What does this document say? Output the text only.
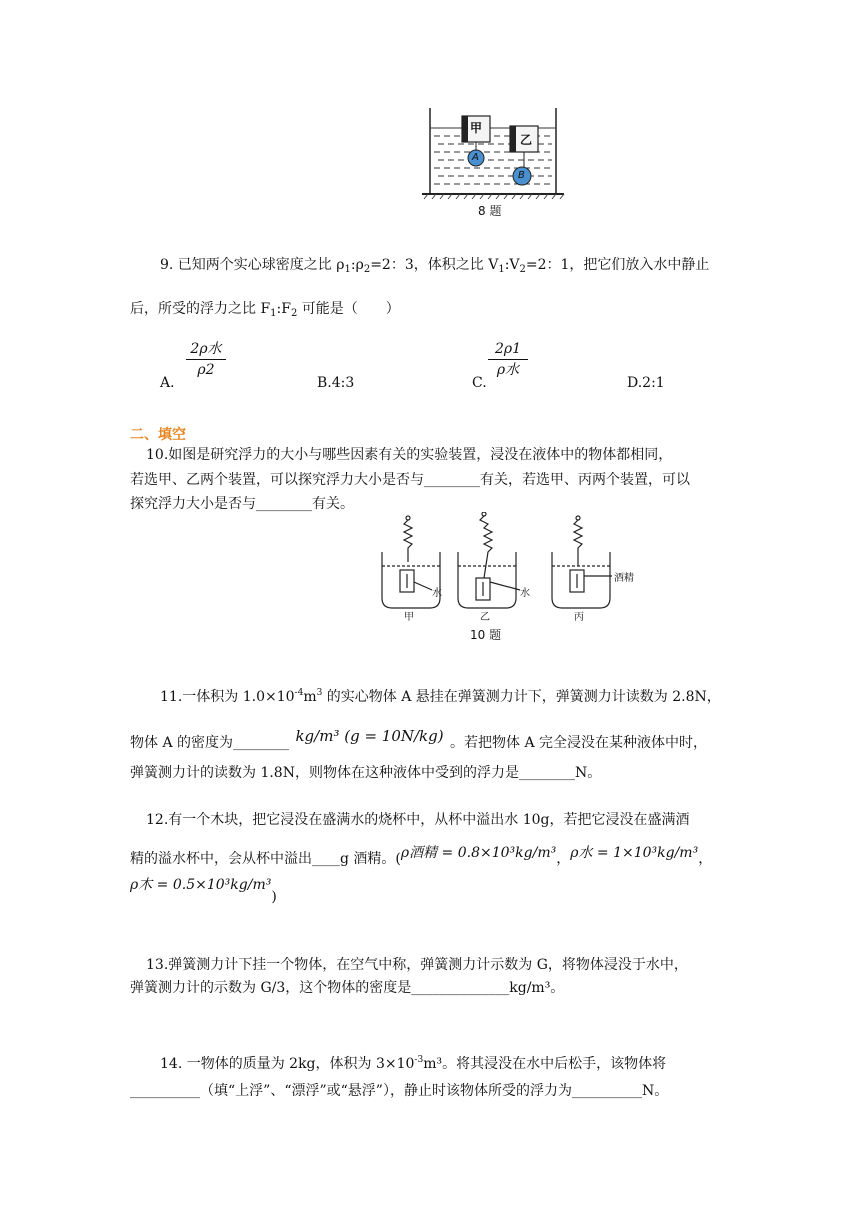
甲
乙
A
B
8 题
9. 已知两个实心球密度之比 $\rho_1:\rho_2=2$：3，体积之比 $V_1:V_2=2$：1，把它们放入水中静止
后，所受的浮力之比 $F_1:F_2$ 可能是（　　）
A．
2ρ水
ρ2
B.4:3	C.
2ρ1
ρ水
D.2:1
二、填空
10.如图是研究浮力的大小与哪些因素有关的实验装置，浸没在液体中的物体都相同，
若选甲、乙两个装置，可以探究浮力大小是否与________有关，若选甲、丙两个装置，可以
探究浮力大小是否与________有关。
甲	乙	丙
水	水
酒精
10 题
11.一体积为 $1.0\times 10^{-4}m^3$ 的实心物体 A 悬挂在弹簧测力计下，弹簧测力计读数为 2.8N，
物体 A 的密度为________ kg/m³ (g = 10N/kg) 。若把物体 A 完全浸没在某种液体中时，
弹簧测力计的读数为 1.8N，则物体在这种液体中受到的浮力是________N。
12.有一个木块，把它浸没在盛满水的烧杯中，从杯中溢出水 10g，若把它浸没在盛满酒
精的溢水杯中，会从杯中溢出____g 酒精。(ρ酒精 = 0.8×10³kg/m³，ρ水 = 1×10³kg/m³，
ρ木 = 0.5×10³kg/m³)
13.弹簧测力计下挂一个物体，在空气中称，弹簧测力计示数为 G，将物体浸没于水中，
弹簧测力计的示数为 G/3，这个物体的密度是______________kg/m³。
14. 一物体的质量为 2kg，体积为 $3\times 10^{-3}m^3$。将其浸没在水中后松手，该物体将
__________（填“上浮”、“漂浮”或“悬浮”），静止时该物体所受的浮力为__________N。
